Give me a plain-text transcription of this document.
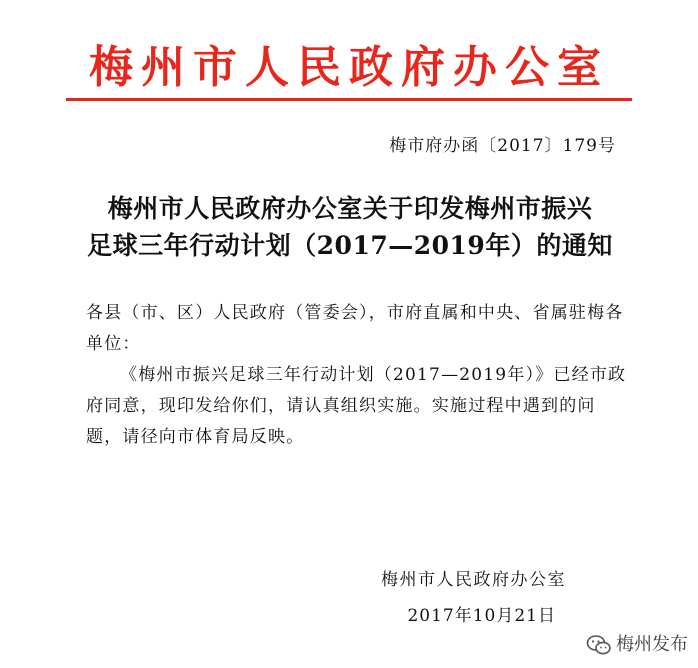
梅州市人民政府办公室
梅市府办函〔2017〕179号
梅州市人民政府办公室关于印发梅州市振兴
足球三年行动计划（2017—2019年）的通知

各县（市、区）人民政府（管委会），市府直属和中央、省属驻梅各单位：

《梅州市振兴足球三年行动计划（2017—2019年）》已经市政府同意，现印发给你们，请认真组织实施。实施过程中遇到的问题，请径向市体育局反映。

梅州市人民政府办公室
2017年10月21日
梅州发布
